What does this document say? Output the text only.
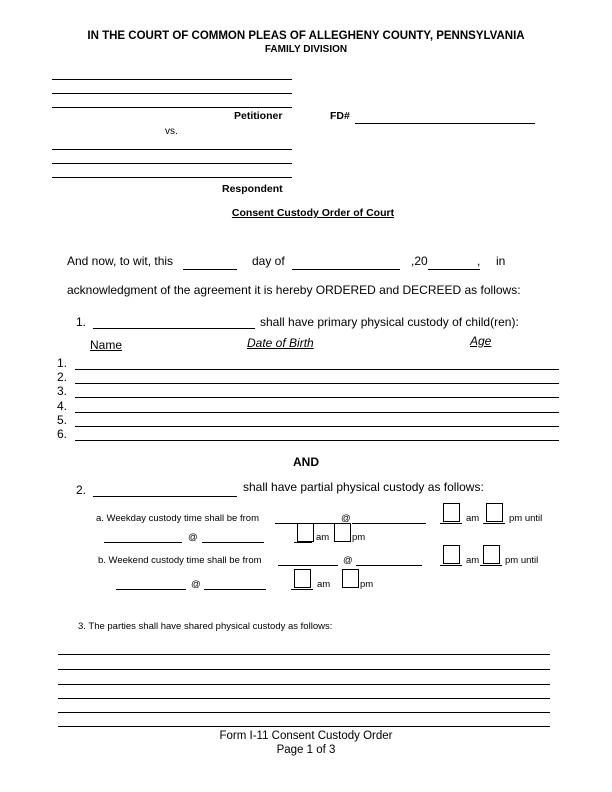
IN THE COURT OF COMMON PLEAS OF ALLEGHENY COUNTY, PENNSYLVANIA
FAMILY DIVISION
Petitioner	FD#
vs.
Respondent
Consent Custody Order of Court
And now, to wit, this	day of	,20	, in
acknowledgment of the agreement it is hereby ORDERED and DECREED as follows:
1.	shall have primary physical custody of child(ren):
Name	Date of Birth	Age
1.
2.
3.
4.
5.
6.
AND
2.	shall have partial physical custody as follows:
a. Weekday custody time shall be from	@	am	pm until
@	am pm
b. Weekend custody time shall be from	@	am	pm until
@	am	pm
3. The parties shall have shared physical custody as follows:
Form I-11 Consent Custody Order
Page 1 of 3
